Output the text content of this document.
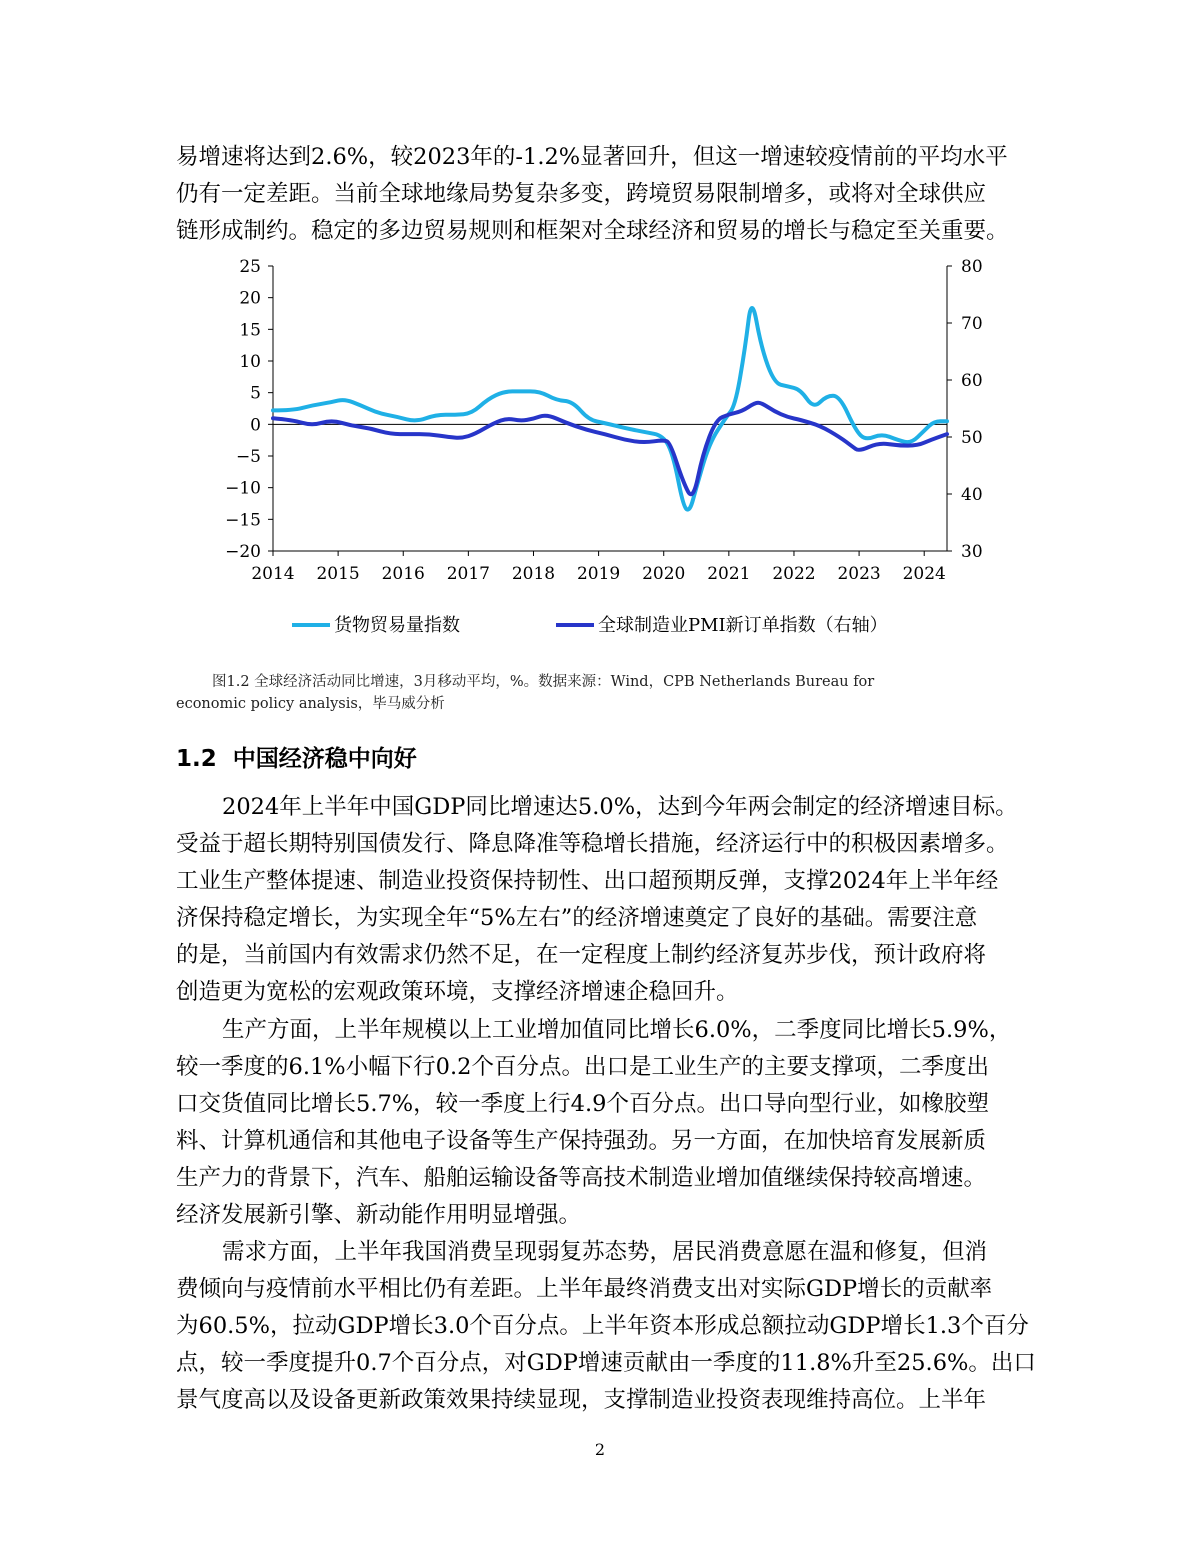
易增速将达到2.6%，较2023年的-1.2%显著回升，但这一增速较疫情前的平均水平
仍有一定差距。当前全球地缘局势复杂多变，跨境贸易限制增多，或将对全球供应
链形成制约。稳定的多边贸易规则和框架对全球经济和贸易的增长与稳定至关重要。
25
20
15
10
5
0
−5
−10
−15
−20
80
70
60
50
40
30
2014 2015 2016 2017 2018 2019 2020 2021 2022 2023 2024
货物贸易量指数	全球制造业PMI新订单指数（右轴）
图1.2 全球经济活动同比增速，3月移动平均，%。数据来源：Wind，CPB Netherlands Bureau for
economic policy analysis，毕马威分析
1.2 中国经济稳中向好
2024年上半年中国GDP同比增速达5.0%，达到今年两会制定的经济增速目标。
受益于超长期特别国债发行、降息降准等稳增长措施，经济运行中的积极因素增多。
工业生产整体提速、制造业投资保持韧性、出口超预期反弹，支撑2024年上半年经
济保持稳定增长，为实现全年“5%左右”的经济增速奠定了良好的基础。需要注意
的是，当前国内有效需求仍然不足，在一定程度上制约经济复苏步伐，预计政府将
创造更为宽松的宏观政策环境，支撑经济增速企稳回升。
生产方面，上半年规模以上工业增加值同比增长6.0%，二季度同比增长5.9%，
较一季度的6.1%小幅下行0.2个百分点。出口是工业生产的主要支撑项，二季度出
口交货值同比增长5.7%，较一季度上行4.9个百分点。出口导向型行业，如橡胶塑
料、计算机通信和其他电子设备等生产保持强劲。另一方面，在加快培育发展新质
生产力的背景下，汽车、船舶运输设备等高技术制造业增加值继续保持较高增速。
经济发展新引擎、新动能作用明显增强。
需求方面，上半年我国消费呈现弱复苏态势，居民消费意愿在温和修复，但消
费倾向与疫情前水平相比仍有差距。上半年最终消费支出对实际GDP增长的贡献率
为60.5%，拉动GDP增长3.0个百分点。上半年资本形成总额拉动GDP增长1.3个百分
点，较一季度提升0.7个百分点，对GDP增速贡献由一季度的11.8%升至25.6%。出口
景气度高以及设备更新政策效果持续显现，支撑制造业投资表现维持高位。上半年
2
